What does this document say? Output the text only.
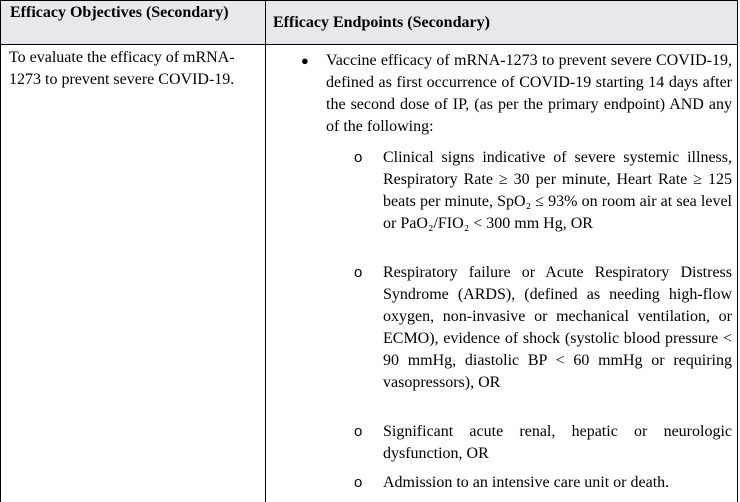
Efficacy Objectives (Secondary)
Efficacy Endpoints (Secondary)
To evaluate the efficacy of mRNA-1273 to prevent severe COVID-19.
● Vaccine efficacy of mRNA-1273 to prevent severe COVID-19, defined as first occurrence of COVID-19 starting 14 days after the second dose of IP, (as per the primary endpoint) AND any of the following:
o Clinical signs indicative of severe systemic illness, Respiratory Rate ≥ 30 per minute, Heart Rate ≥ 125 beats per minute, SpO₂ ≤ 93% on room air at sea level or PaO₂/FIO₂ < 300 mm Hg, OR
o Respiratory failure or Acute Respiratory Distress Syndrome (ARDS), (defined as needing high-flow oxygen, non-invasive or mechanical ventilation, or ECMO), evidence of shock (systolic blood pressure < 90 mmHg, diastolic BP < 60 mmHg or requiring vasopressors), OR
o Significant acute renal, hepatic or neurologic dysfunction, OR
o Admission to an intensive care unit or death.
